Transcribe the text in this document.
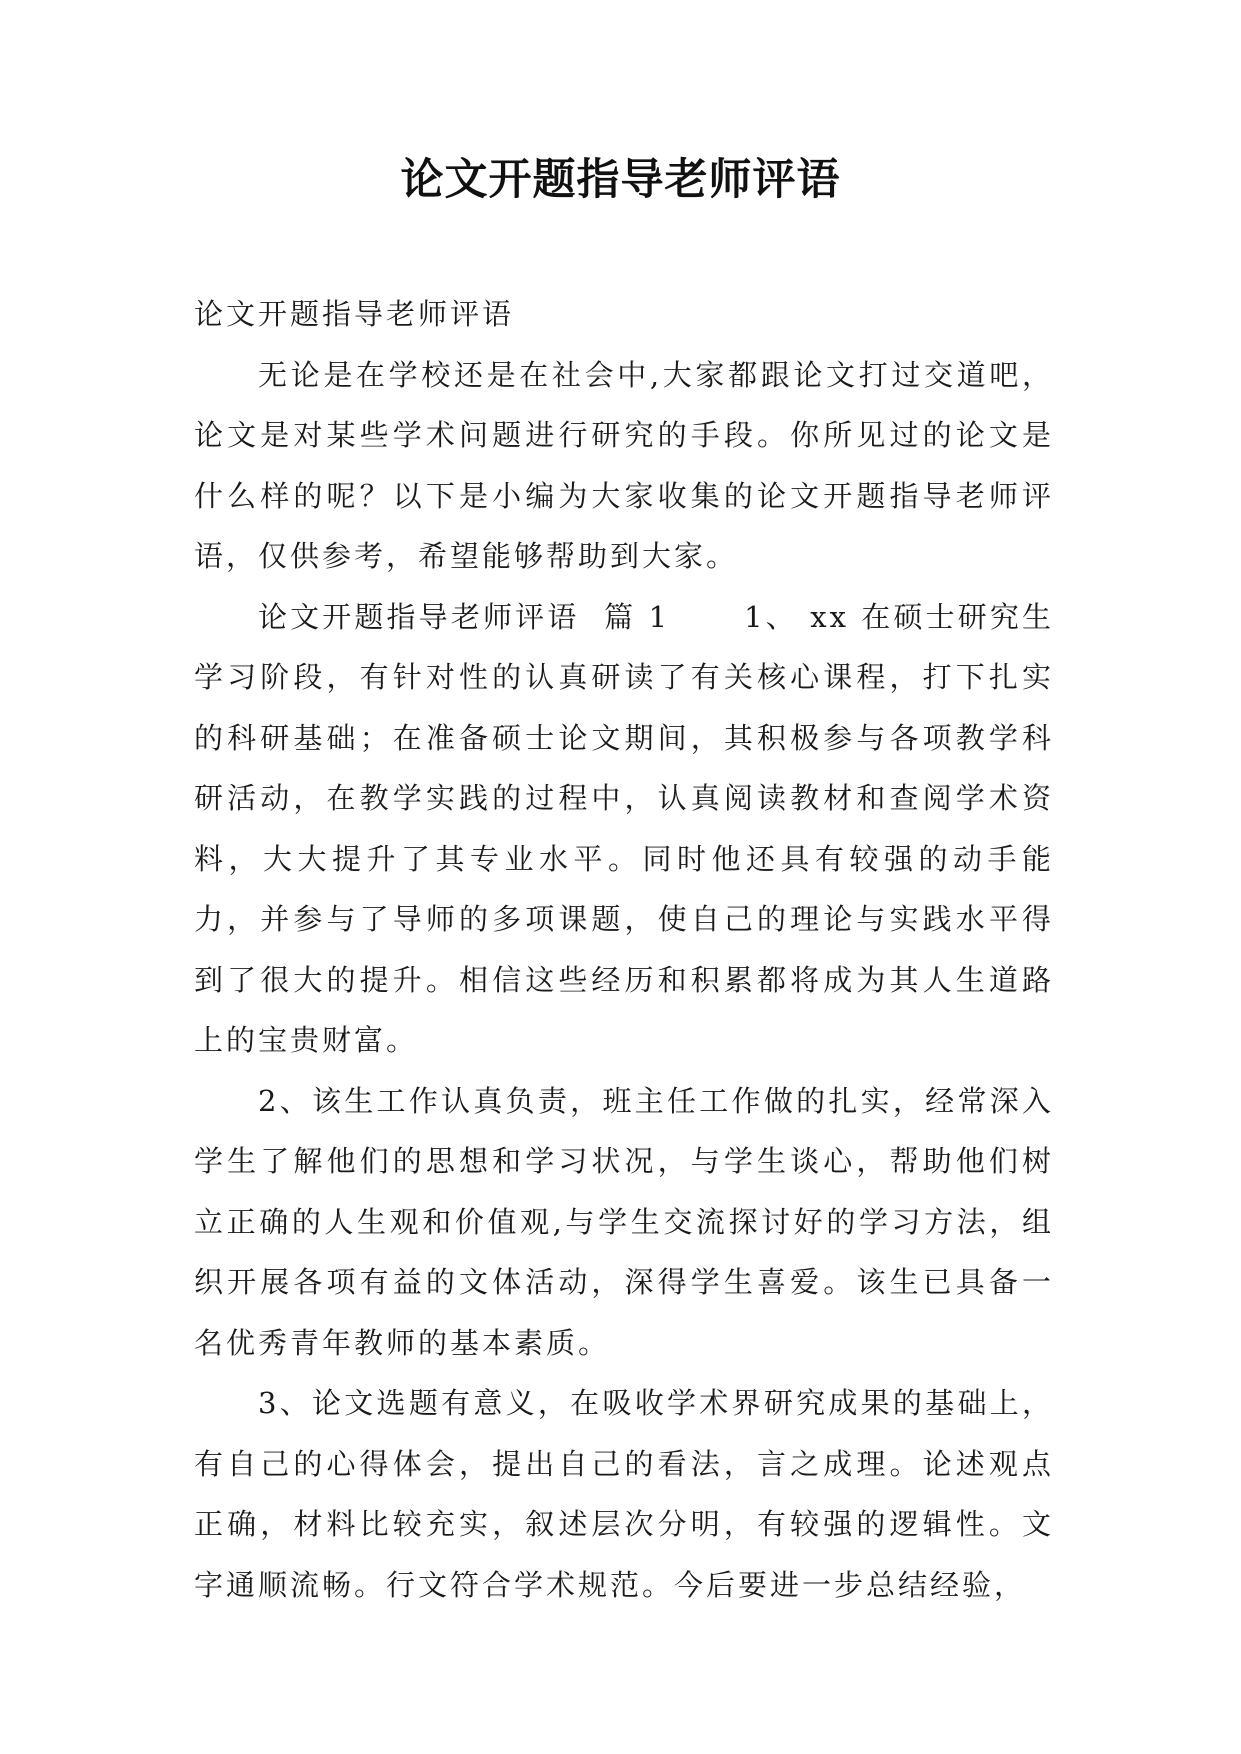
论文开题指导老师评语

论文开题指导老师评语

无论是在学校还是在社会中,大家都跟论文打过交道吧，论文是对某些学术问题进行研究的手段。你所见过的论文是什么样的呢？以下是小编为大家收集的论文开题指导老师评语，仅供参考，希望能够帮助到大家。

论文开题指导老师评语  篇 1      1、 xx 在硕士研究生学习阶段，有针对性的认真研读了有关核心课程，打下扎实的科研基础；在准备硕士论文期间，其积极参与各项教学科研活动，在教学实践的过程中，认真阅读教材和查阅学术资料，大大提升了其专业水平。同时他还具有较强的动手能力，并参与了导师的多项课题，使自己的理论与实践水平得到了很大的提升。相信这些经历和积累都将成为其人生道路上的宝贵财富。

2、该生工作认真负责，班主任工作做的扎实，经常深入学生了解他们的思想和学习状况，与学生谈心，帮助他们树立正确的人生观和价值观,与学生交流探讨好的学习方法，组织开展各项有益的文体活动，深得学生喜爱。该生已具备一名优秀青年教师的基本素质。

3、论文选题有意义，在吸收学术界研究成果的基础上，有自己的心得体会，提出自己的看法，言之成理。论述观点正确，材料比较充实，叙述层次分明，有较强的逻辑性。文字通顺流畅。行文符合学术规范。今后要进一步总结经验，
